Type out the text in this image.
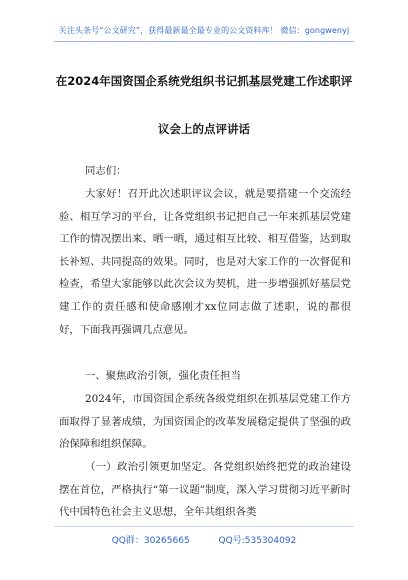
关注头条号“公文研究”，获得最新最全最专业的公文资料库！ 微信：gongwenyj
在2024年国资国企系统党组织书记抓基层党建工作述职评
议会上的点评讲话
同志们：
大家好！召开此次述职评议会议，就是要搭建一个交流经验、相互学习的平台，让各党组织书记把自己一年来抓基层党建工作的情况摆出来、晒一晒，通过相互比较、相互借鉴，达到取长补短、共同提高的效果。同时，也是对大家工作的一次督促和检查，希望大家能够以此次会议为契机，进一步增强抓好基层党建工作的责任感和使命感刚才xx位同志做了述职，说的都很好，下面我再强调几点意见。
一、聚焦政治引领，强化责任担当
2024年，市国资国企系统各级党组织在抓基层党建工作方面取得了显著成绩，为国资国企的改革发展稳定提供了坚强的政治保障和组织保障。
（一）政治引领更加坚定。各党组织始终把党的政治建设摆在首位，严格执行“第一议题”制度，深入学习贯彻习近平新时代中国特色社会主义思想，全年共组织各类
QQ群：30265665	QQ号:535304092
